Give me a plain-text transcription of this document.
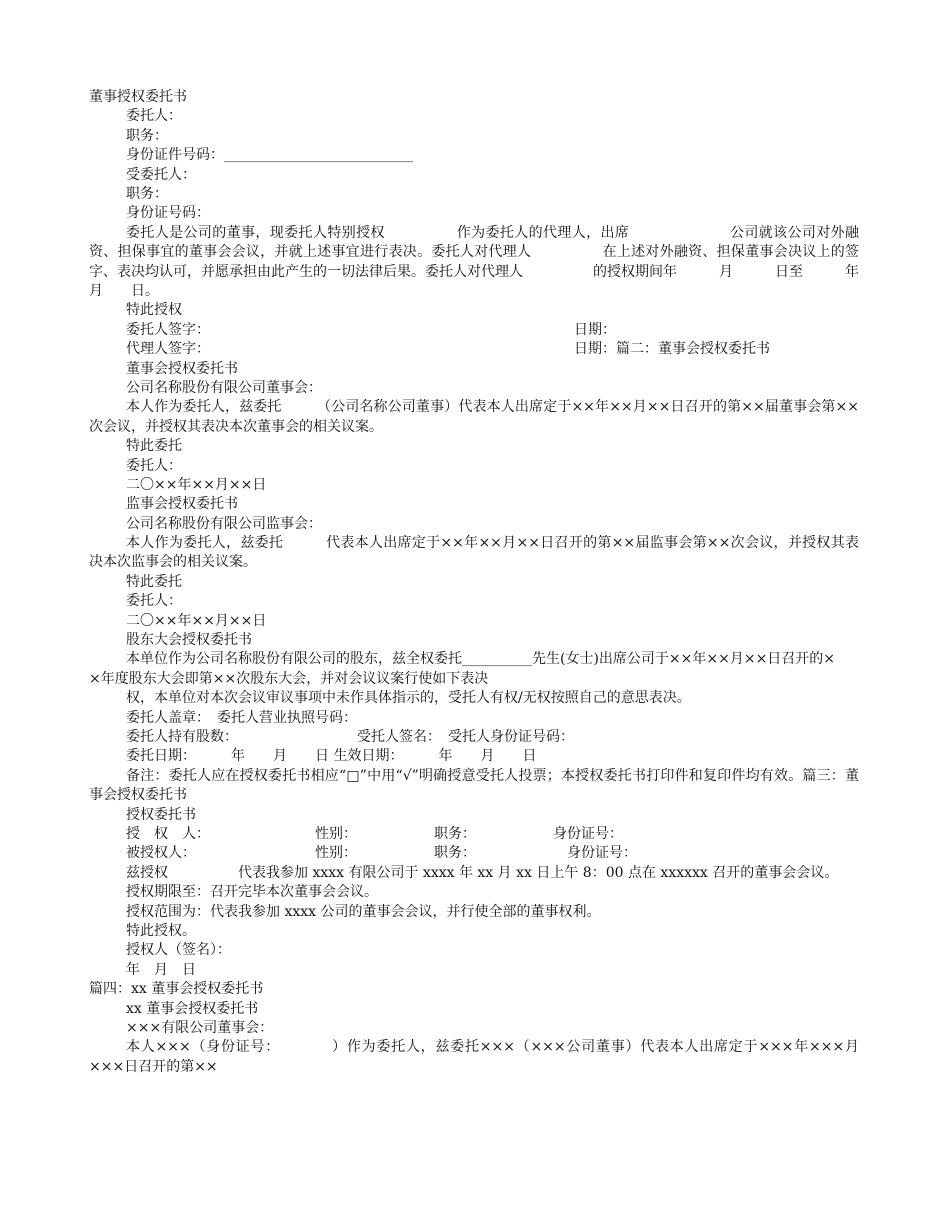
董事授权委托书
委托人：
职务：
身份证件号码：___________________________
受委托人：
职务：
身份证号码：
委托人是公司的董事，现委托人特别授权　　　　　作为委托人的代理人，出席　　　　　　　公司就该公司对外融资、担保事宜的董事会会议，并就上述事宜进行表决。委托人对代理人　　　　　在上述对外融资、担保董事会决议上的签字、表决均认可，并愿承担由此产生的一切法律后果。委托人对代理人　　　　　的授权期间年　　　月　　　日至　　　年　　　月　　日。
特此授权
委托人签字：	日期：
代理人签字：	日期：篇二：董事会授权委托书
董事会授权委托书
公司名称股份有限公司董事会：
本人作为委托人，兹委托　　　（公司名称公司董事）代表本人出席定于××年××月××日召开的第××届董事会第××次会议，并授权其表决本次董事会的相关议案。
特此委托
委托人：
二〇××年××月××日
监事会授权委托书
公司名称股份有限公司监事会：
本人作为委托人，兹委托　　　代表本人出席定于××年××月××日召开的第××届监事会第××次会议，并授权其表决本次监事会的相关议案。
特此委托
委托人：
二〇××年××月××日
股东大会授权委托书
本单位作为公司名称股份有限公司的股东，兹全权委托__________先生(女士)出席公司于××年××月××日召开的×
×年度股东大会即第××次股东大会，并对会议议案行使如下表决
权，本单位对本次会议审议事项中未作具体指示的，受托人有权/无权按照自己的意思表决。
委托人盖章：　委托人营业执照号码：
委托人持有股数：　　　　　　　　　受托人签名：　受托人身份证号码：
委托日期：　　　年　　月　　日 生效日期：　　　年　　月　　日
备注：委托人应在授权委托书相应“□”中用“√”明确授意受托人投票；本授权委托书打印件和复印件均有效。篇三：董事会授权委托书
授权委托书
授　权　人：　　　　　　　　性别：　　　　　　职务：　　　　　　身份证号：
被授权人：　　　　　　　　　性别：　　　　　　职务：　　　　　　　身份证号：
兹授权　　　　　代表我参加 xxxx 有限公司于 xxxx 年 xx 月 xx 日上午 8：00 点在 xxxxxx 召开的董事会会议。
授权期限至：召开完毕本次董事会会议。
授权范围为：代表我参加 xxxx 公司的董事会会议，并行使全部的董事权利。
特此授权。
授权人（签名）：
年　月　日
篇四：xx 董事会授权委托书
xx 董事会授权委托书
×××有限公司董事会：
本人×××（身份证号：　　　　）作为委托人，兹委托×××（×××公司董事）代表本人出席定于×××年×××月×××日召开的第××
